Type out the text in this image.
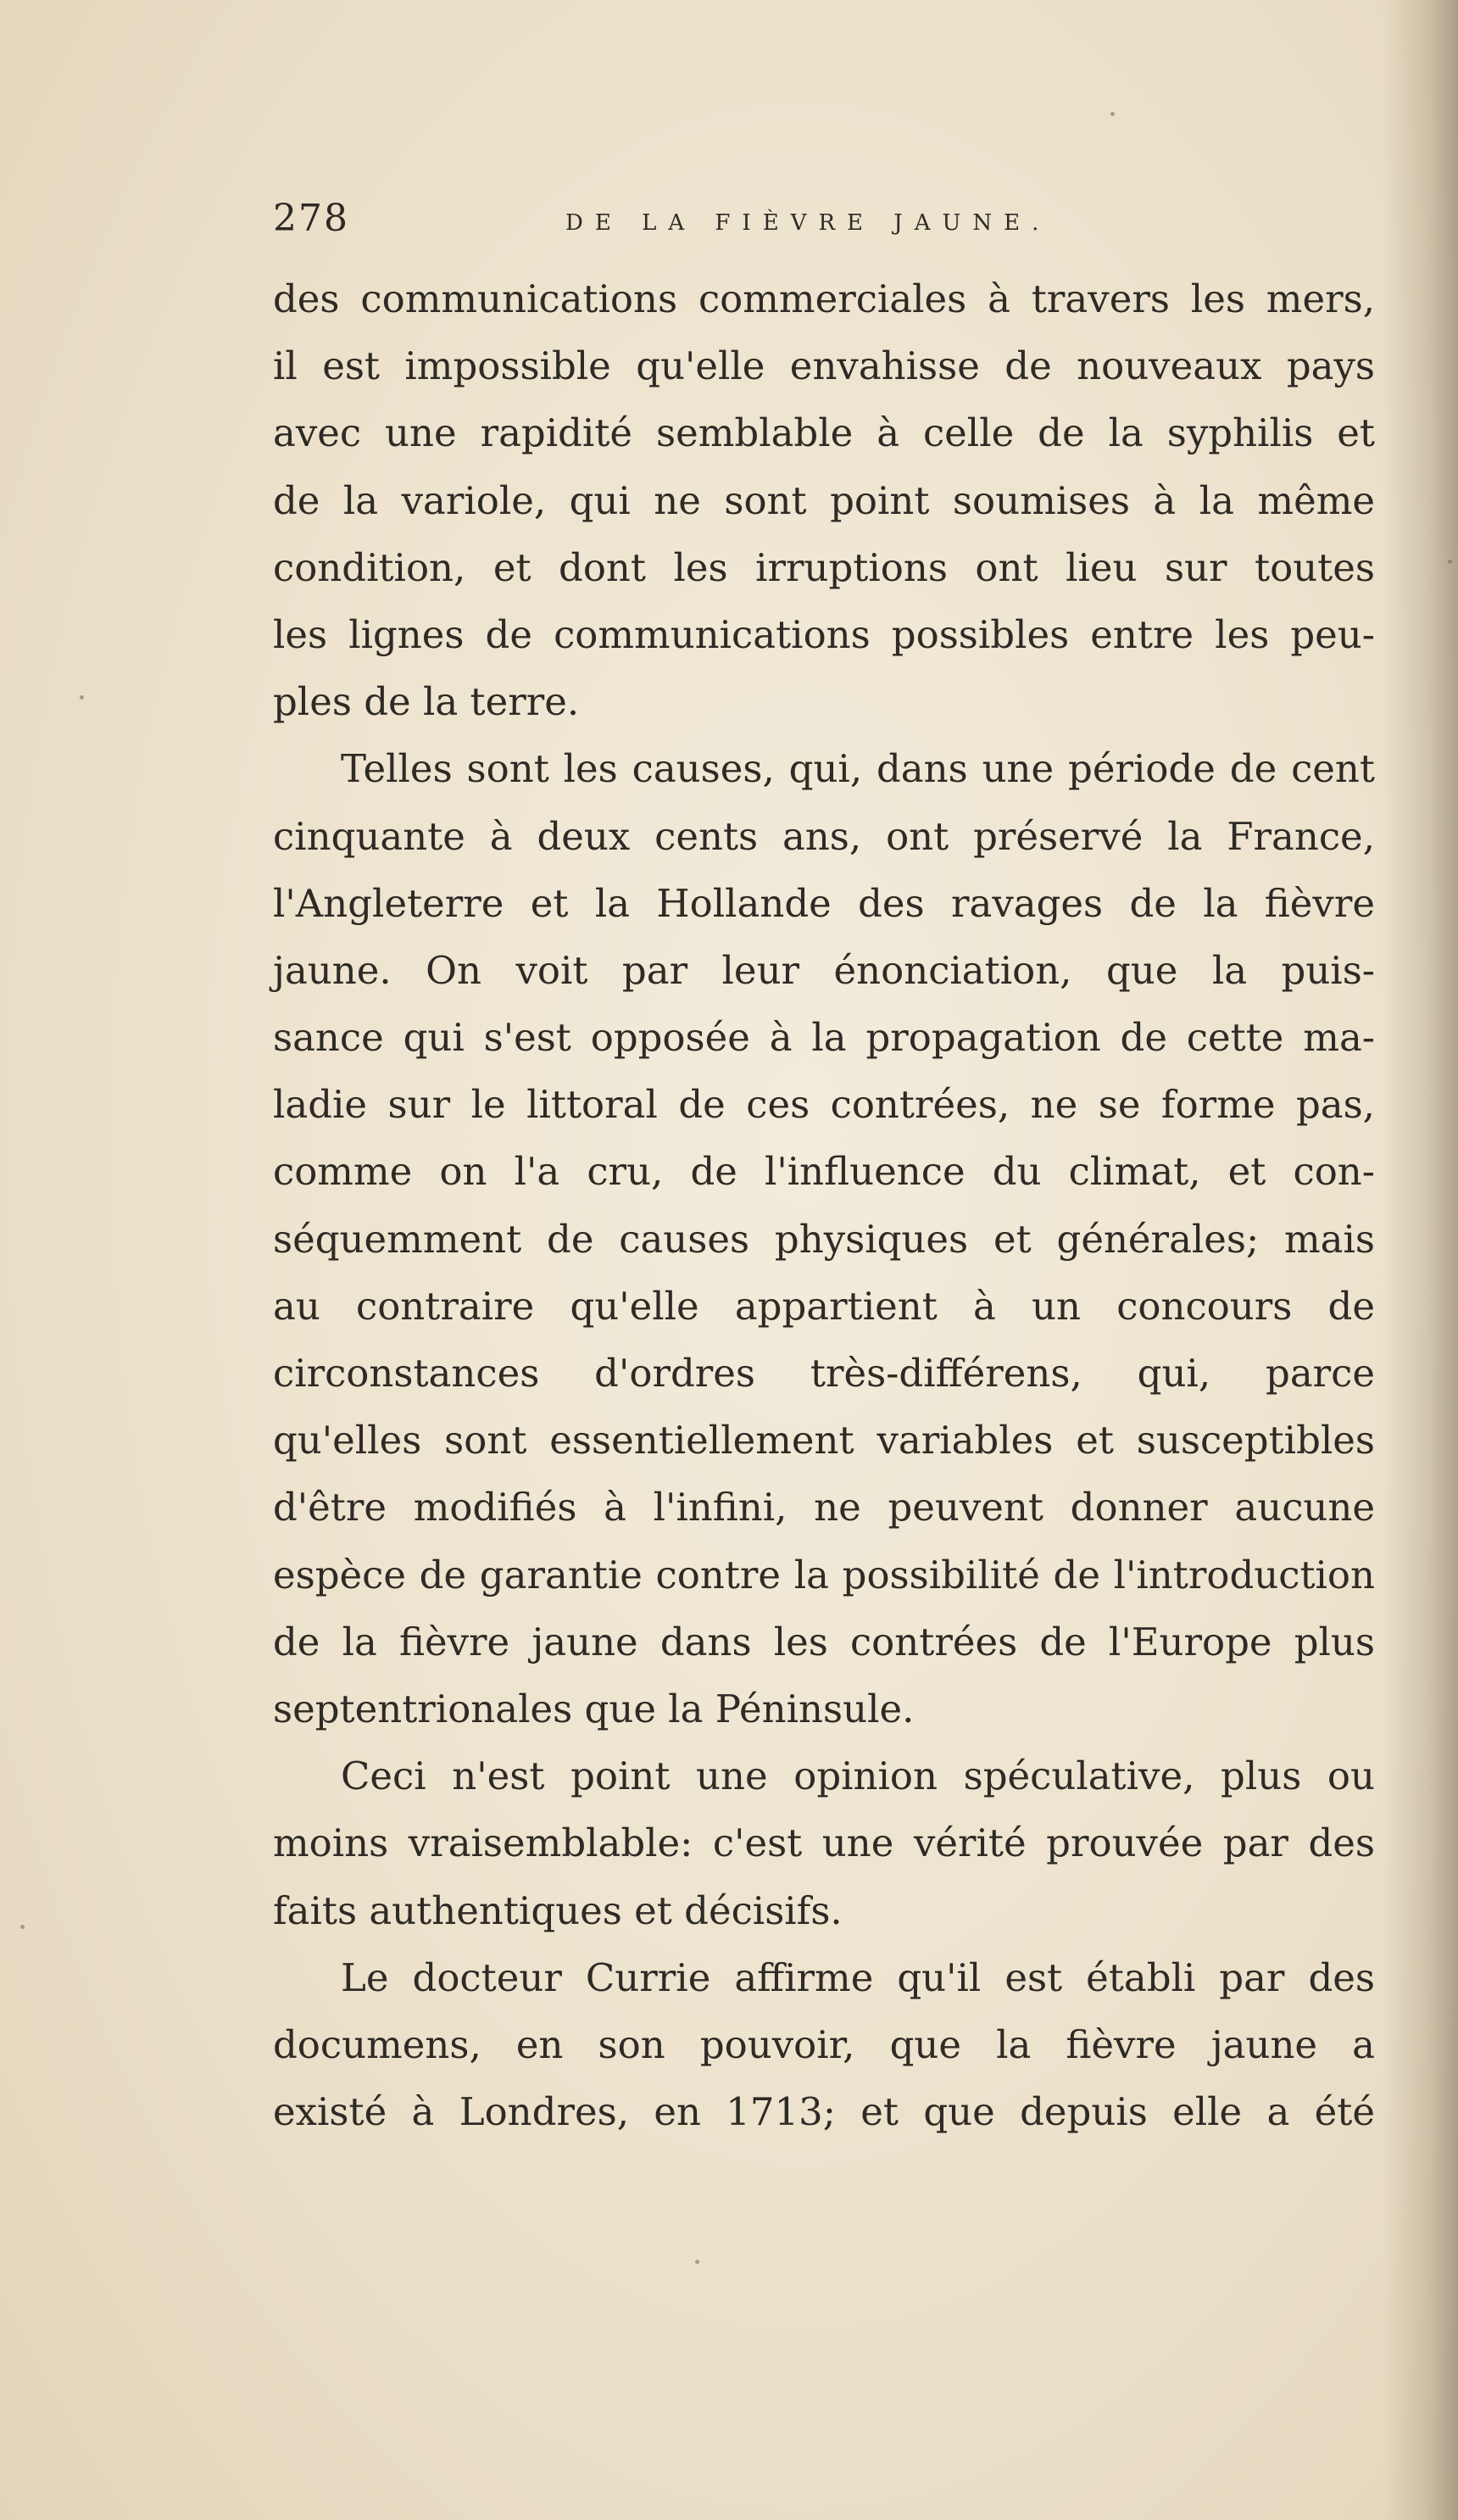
278	DE LA FIÈVRE JAUNE.
des communications commerciales à travers les mers,
il est impossible qu'elle envahisse de nouveaux pays
avec une rapidité semblable à celle de la syphilis et
de la variole, qui ne sont point soumises à la même
condition, et dont les irruptions ont lieu sur toutes
les lignes de communications possibles entre les peu-
ples de la terre.
Telles sont les causes, qui, dans une période de cent
cinquante à deux cents ans, ont préservé la France,
l'Angleterre et la Hollande des ravages de la fièvre
jaune. On voit par leur énonciation, que la puis-
sance qui s'est opposée à la propagation de cette ma-
ladie sur le littoral de ces contrées, ne se forme pas,
comme on l'a cru, de l'influence du climat, et con-
séquemment de causes physiques et générales; mais
au contraire qu'elle appartient à un concours de
circonstances d'ordres très-différens, qui, parce
qu'elles sont essentiellement variables et susceptibles
d'être modifiés à l'infini, ne peuvent donner aucune
espèce de garantie contre la possibilité de l'introduction
de la fièvre jaune dans les contrées de l'Europe plus
septentrionales que la Péninsule.
Ceci n'est point une opinion spéculative, plus ou
moins vraisemblable: c'est une vérité prouvée par des
faits authentiques et décisifs.
Le docteur Currie affirme qu'il est établi par des
documens, en son pouvoir, que la fièvre jaune a
existé à Londres, en 1713; et que depuis elle a été
